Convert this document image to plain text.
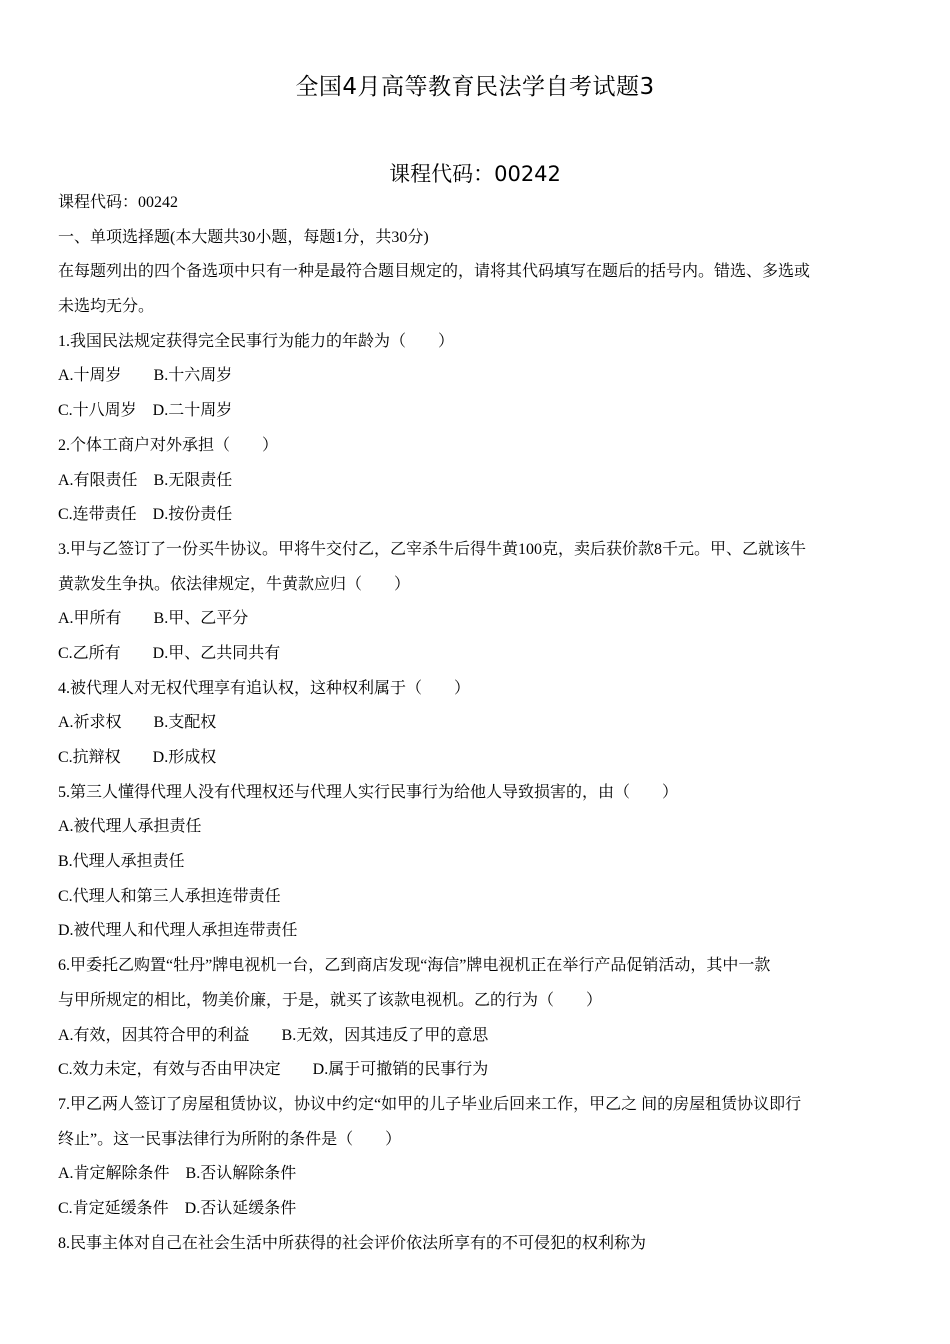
全国4月高等教育民法学自考试题3
课程代码：00242
课程代码：00242
一、单项选择题(本大题共30小题，每题1分，共30分)
在每题列出的四个备选项中只有一种是最符合题目规定的，请将其代码填写在题后的括号内。错选、多选或
未选均无分。
1.我国民法规定获得完全民事行为能力的年龄为（　　）
A.十周岁　　B.十六周岁
C.十八周岁　D.二十周岁
2.个体工商户对外承担（　　）
A.有限责任　B.无限责任
C.连带责任　D.按份责任
3.甲与乙签订了一份买牛协议。甲将牛交付乙，乙宰杀牛后得牛黄100克，卖后获价款8千元。甲、乙就该牛
黄款发生争执。依法律规定，牛黄款应归（　　）
A.甲所有　　B.甲、乙平分
C.乙所有　　D.甲、乙共同共有
4.被代理人对无权代理享有追认权，这种权利属于（　　）
A.祈求权　　B.支配权
C.抗辩权　　D.形成权
5.第三人懂得代理人没有代理权还与代理人实行民事行为给他人导致损害的，由（　　）
A.被代理人承担责任
B.代理人承担责任
C.代理人和第三人承担连带责任
D.被代理人和代理人承担连带责任
6.甲委托乙购置“牡丹”牌电视机一台，乙到商店发现“海信”牌电视机正在举行产品促销活动，其中一款
与甲所规定的相比，物美价廉，于是，就买了该款电视机。乙的行为（　　）
A.有效，因其符合甲的利益　　B.无效，因其违反了甲的意思
C.效力未定，有效与否由甲决定　　D.属于可撤销的民事行为
7.甲乙两人签订了房屋租赁协议，协议中约定“如甲的儿子毕业后回来工作，甲乙之 间的房屋租赁协议即行
终止”。这一民事法律行为所附的条件是（　　）
A.肯定解除条件　B.否认解除条件
C.肯定延缓条件　D.否认延缓条件
8.民事主体对自己在社会生活中所获得的社会评价依法所享有的不可侵犯的权利称为
